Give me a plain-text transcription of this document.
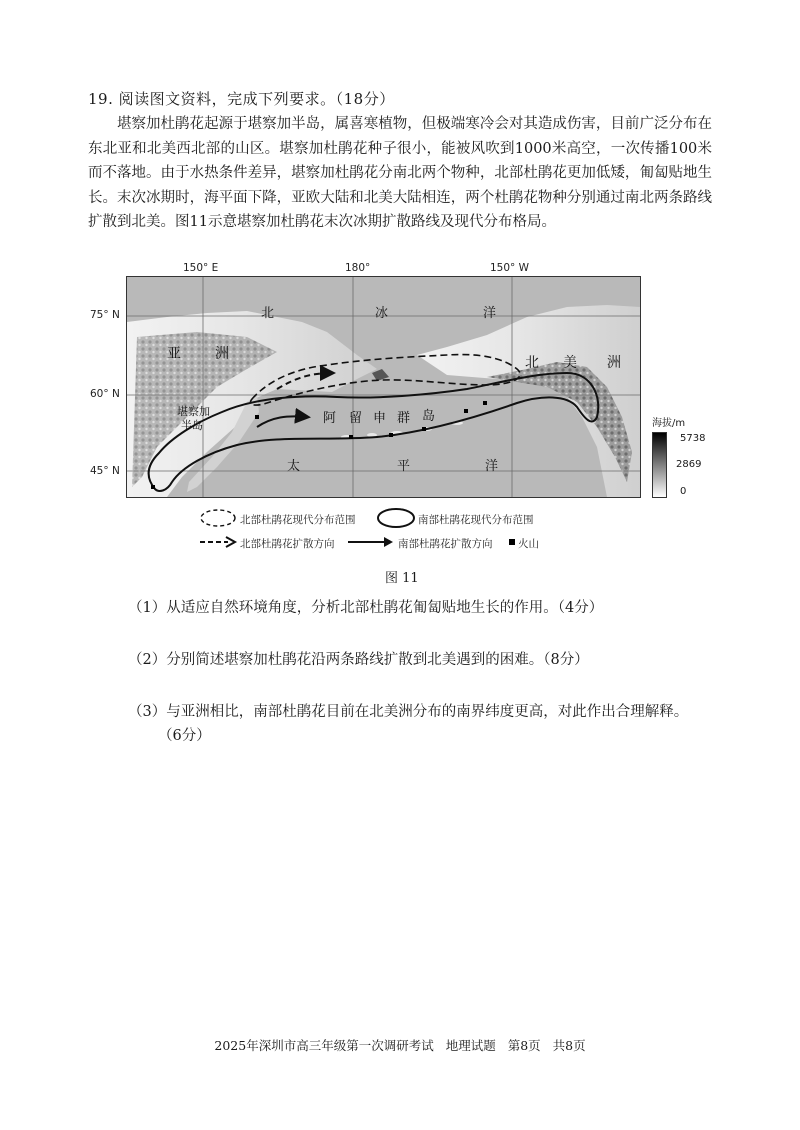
19. 阅读图文资料，完成下列要求。（18分）

堪察加杜鹃花起源于堪察加半岛，属喜寒植物，但极端寒冷会对其造成伤害，目前广泛分布在东北亚和北美西北部的山区。堪察加杜鹃花种子很小，能被风吹到1000米高空，一次传播100米而不落地。由于水热条件差异，堪察加杜鹃花分南北两个物种，北部杜鹃花更加低矮，匍匐贴地生长。末次冰期时，海平面下降，亚欧大陆和北美大陆相连，两个杜鹃花物种分别通过南北两条路线扩散到北美。图11示意堪察加杜鹃花末次冰期扩散路线及现代分布格局。

150° E	180°	150° W
75° N
60° N
45° N
北	冰	洋
亚 洲
北 美 洲
堪察加
半岛	阿 留 申 群 岛
太	平	洋
海拔/m
5738
2869
0
北部杜鹃花现代分布范围	南部杜鹃花现代分布范围
北部杜鹃花扩散方向	南部杜鹃花扩散方向 火山
图 11
（1）从适应自然环境角度，分析北部杜鹃花匍匐贴地生长的作用。（4分）
（2）分别简述堪察加杜鹃花沿两条路线扩散到北美遇到的困难。（8分）
（3）与亚洲相比，南部杜鹃花目前在北美洲分布的南界纬度更高，对此作出合理解释。
（6分）
2025年深圳市高三年级第一次调研考试 地理试题 第8页 共8页
